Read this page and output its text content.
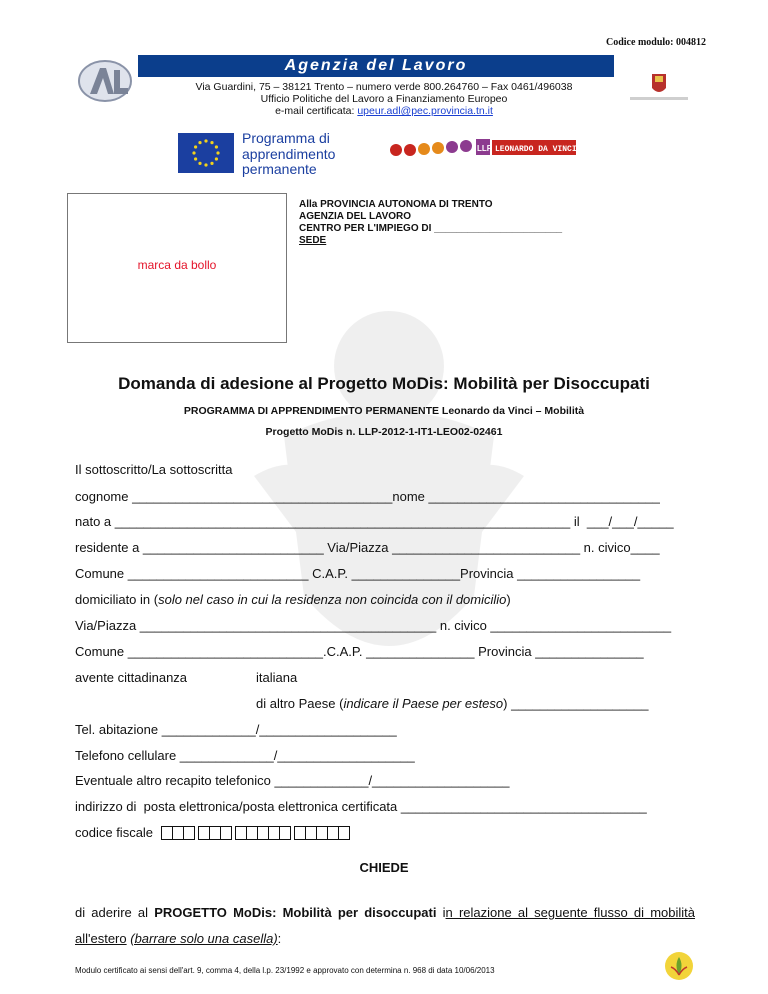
Codice modulo: 004812
Agenzia del Lavoro
Via Guardini, 75 – 38121 Trento – numero verde 800.264760 – Fax 0461/496038
Ufficio Politiche del Lavoro a Finanziamento Europeo
e-mail certificata: upeur.adl@pec.provincia.tn.it
Programma di
apprendimento
permanente
LLP LEONARDO DA VINCI
marca da bollo
Alla PROVINCIA AUTONOMA DI TRENTO
AGENZIA DEL LAVORO
CENTRO PER L'IMPIEGO DI _______________________
SEDE
Domanda di adesione al Progetto MoDis: Mobilità per Disoccupati
PROGRAMMA DI APPRENDIMENTO PERMANENTE Leonardo da Vinci – Mobilità
Progetto MoDis n. LLP-2012-1-IT1-LEO02-02461
Il sottoscritto/La sottoscritta
cognome ____________________________________nome ________________________________
nato a _______________________________________________________________ il  ___/___/_____
residente a _________________________ Via/Piazza __________________________ n. civico____
Comune _________________________ C.A.P. _______________Provincia _________________
domiciliato in (solo nel caso in cui la residenza non coincida con il domicilio)
Via/Piazza _________________________________________ n. civico _________________________
Comune ___________________________.C.A.P. _______________ Provincia _______________
avente cittadinanza	italiana
di altro Paese (indicare il Paese per esteso) ___________________
Tel. abitazione _____________/___________________
Telefono cellulare _____________/___________________
Eventuale altro recapito telefonico _____________/___________________
indirizzo di  posta elettronica/posta elettronica certificata __________________________________
codice fiscale
CHIEDE
di aderire al PROGETTO MoDis: Mobilità per disoccupati in relazione al seguente flusso di mobilità all'estero (barrare solo una casella):
Modulo certificato ai sensi dell'art. 9, comma 4, della l.p. 23/1992 e approvato con determina n. 968 di data 10/06/2013
